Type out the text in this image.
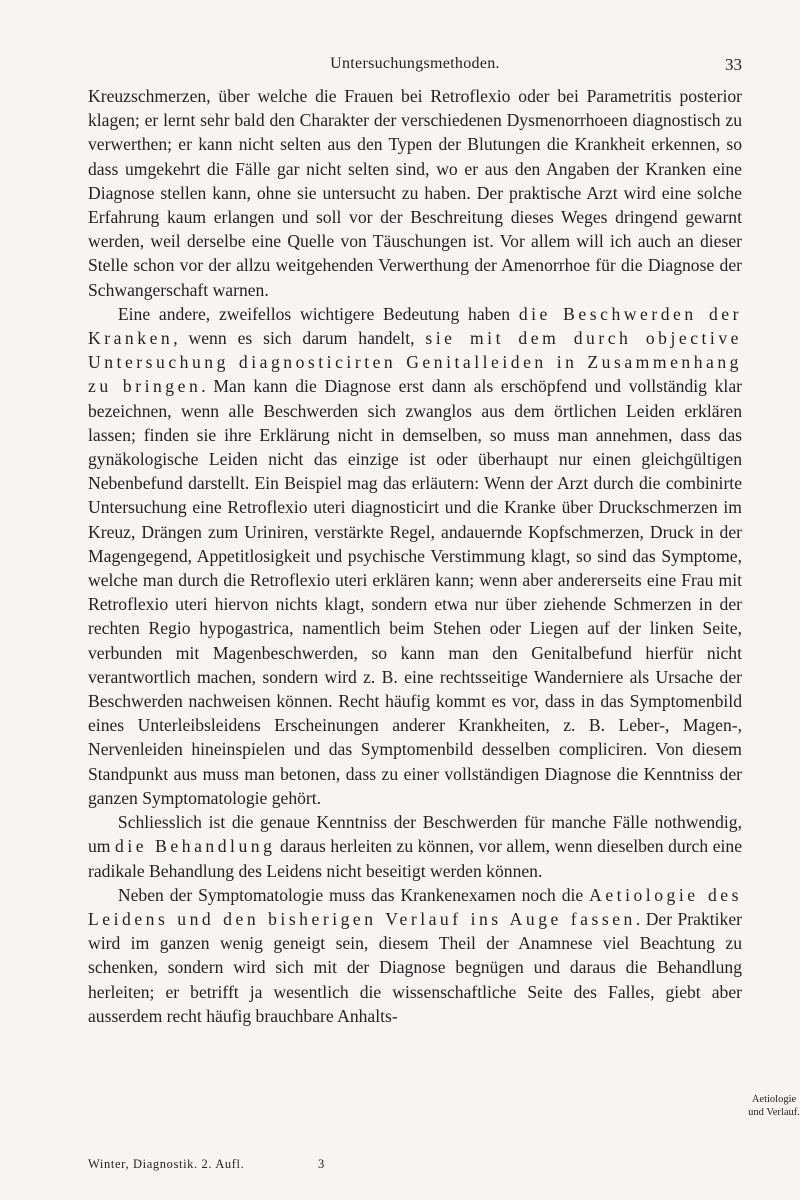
Untersuchungsmethoden.	33

Kreuzschmerzen, über welche die Frauen bei Retroflexio oder bei Parametritis posterior klagen; er lernt sehr bald den Charakter der verschiedenen Dysmenorrhoeen diagnostisch zu verwerthen; er kann nicht selten aus den Typen der Blutungen die Krankheit erkennen, so dass umgekehrt die Fälle gar nicht selten sind, wo er aus den Angaben der Kranken eine Diagnose stellen kann, ohne sie untersucht zu haben. Der praktische Arzt wird eine solche Erfahrung kaum erlangen und soll vor der Beschreitung dieses Weges dringend gewarnt werden, weil derselbe eine Quelle von Täuschungen ist. Vor allem will ich auch an dieser Stelle schon vor der allzu weitgehenden Verwerthung der Amenorrhoe für die Diagnose der Schwangerschaft warnen.

Eine andere, zweifellos wichtigere Bedeutung haben die Beschwerden der Kranken, wenn es sich darum handelt, sie mit dem durch objective Untersuchung diagnosticirten Genitalleiden in Zusammenhang zu bringen. Man kann die Diagnose erst dann als erschöpfend und vollständig klar bezeichnen, wenn alle Beschwerden sich zwanglos aus dem örtlichen Leiden erklären lassen; finden sie ihre Erklärung nicht in demselben, so muss man annehmen, dass das gynäkologische Leiden nicht das einzige ist oder überhaupt nur einen gleichgültigen Nebenbefund darstellt. Ein Beispiel mag das erläutern: Wenn der Arzt durch die combinirte Untersuchung eine Retroflexio uteri diagnosticirt und die Kranke über Druckschmerzen im Kreuz, Drängen zum Uriniren, verstärkte Regel, andauernde Kopfschmerzen, Druck in der Magengegend, Appetitlosigkeit und psychische Verstimmung klagt, so sind das Symptome, welche man durch die Retroflexio uteri erklären kann; wenn aber andererseits eine Frau mit Retroflexio uteri hiervon nichts klagt, sondern etwa nur über ziehende Schmerzen in der rechten Regio hypogastrica, namentlich beim Stehen oder Liegen auf der linken Seite, verbunden mit Magenbeschwerden, so kann man den Genitalbefund hierfür nicht verantwortlich machen, sondern wird z. B. eine rechtsseitige Wanderniere als Ursache der Beschwerden nachweisen können. Recht häufig kommt es vor, dass in das Symptomenbild eines Unterleibsleidens Erscheinungen anderer Krankheiten, z. B. Leber-, Magen-, Nervenleiden hineinspielen und das Symptomenbild desselben compliciren. Von diesem Standpunkt aus muss man betonen, dass zu einer vollständigen Diagnose die Kenntniss der ganzen Symptomatologie gehört.

Schliesslich ist die genaue Kenntniss der Beschwerden für manche Fälle nothwendig, um die Behandlung daraus herleiten zu können, vor allem, wenn dieselben durch eine radikale Behandlung des Leidens nicht beseitigt werden können.

Neben der Symptomatologie muss das Krankenexamen noch die Aetiologie des Leidens und den bisherigen Verlauf ins Auge fassen. Der Praktiker wird im ganzen wenig geneigt sein, diesem Theil der Anamnese viel Beachtung zu schenken, sondern wird sich mit der Diagnose begnügen und daraus die Behandlung herleiten; er betrifft ja wesentlich die wissenschaftliche Seite des Falles, giebt aber ausserdem recht häufig brauchbare Anhalts-

Aetiologie und Verlauf.
Winter, Diagnostik. 2. Aufl.	3
